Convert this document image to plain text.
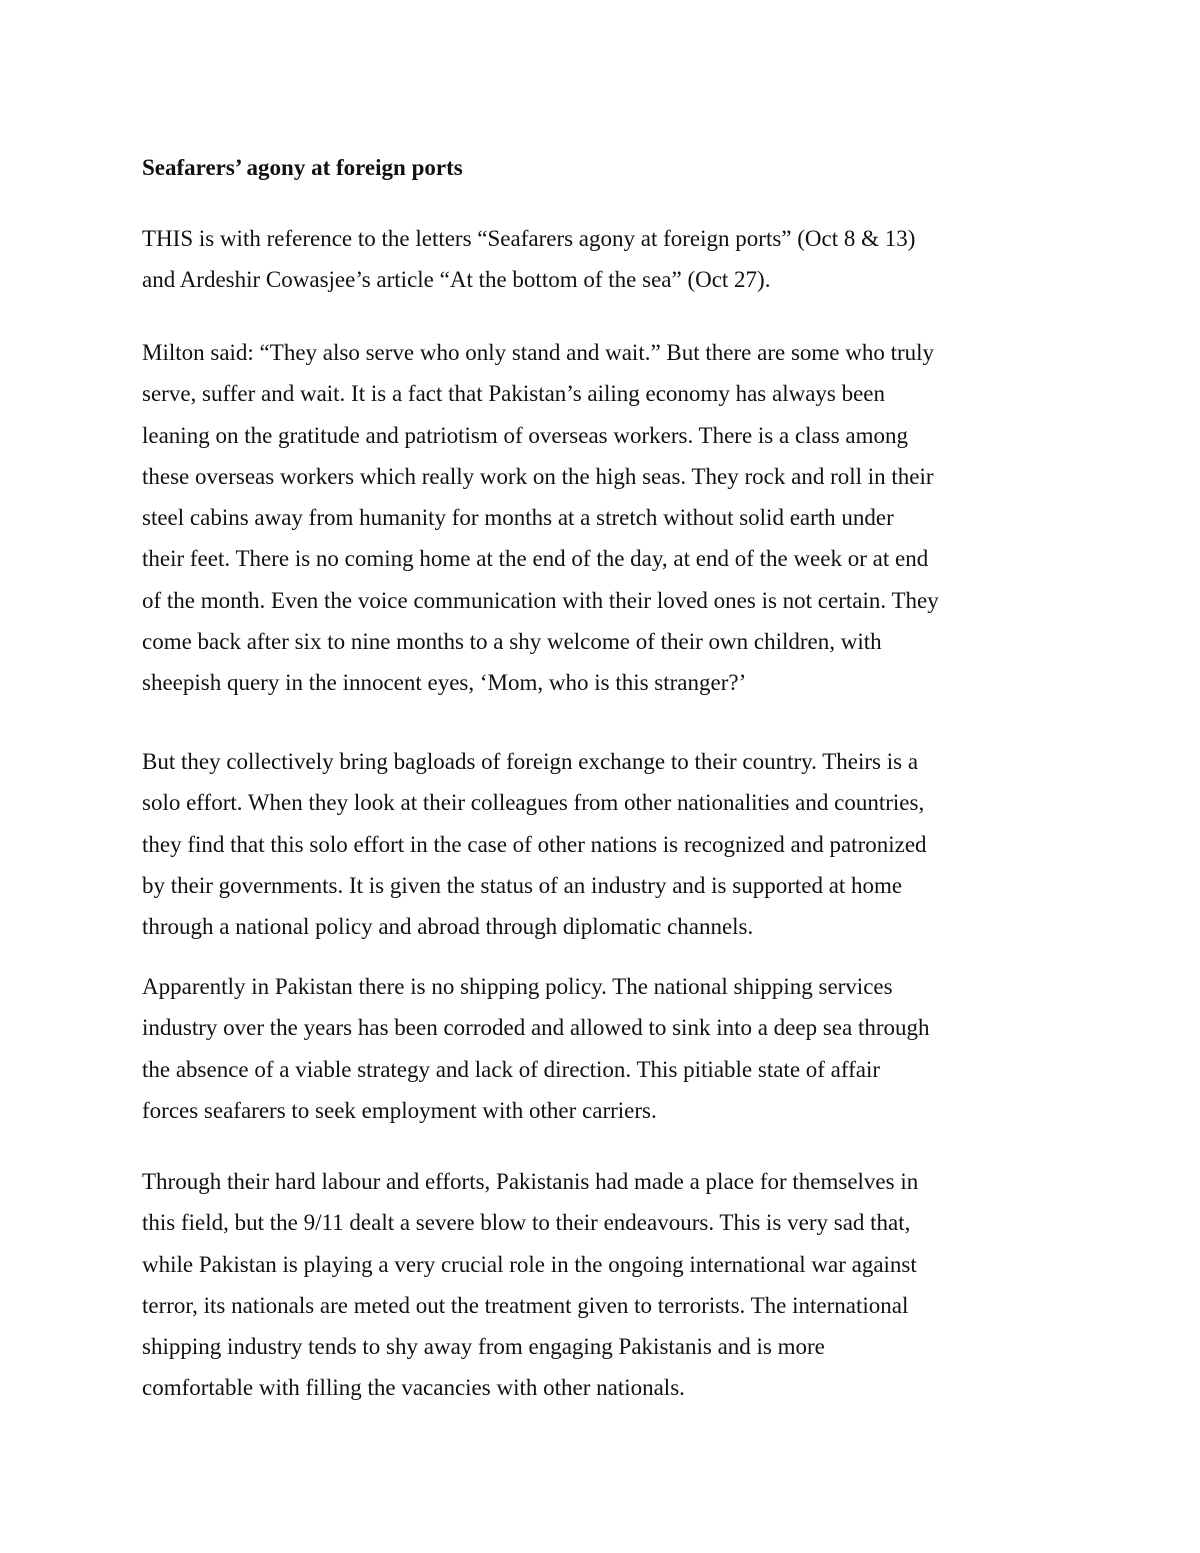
Seafarers’ agony at foreign ports

THIS is with reference to the letters “Seafarers agony at foreign ports” (Oct 8 & 13)
and Ardeshir Cowasjee’s article “At the bottom of the sea” (Oct 27).

Milton said: “They also serve who only stand and wait.” But there are some who truly
serve, suffer and wait. It is a fact that Pakistan’s ailing economy has always been
leaning on the gratitude and patriotism of overseas workers. There is a class among
these overseas workers which really work on the high seas. They rock and roll in their
steel cabins away from humanity for months at a stretch without solid earth under
their feet. There is no coming home at the end of the day, at end of the week or at end
of the month. Even the voice communication with their loved ones is not certain. They
come back after six to nine months to a shy welcome of their own children, with
sheepish query in the innocent eyes, ‘Mom, who is this stranger?’

But they collectively bring bagloads of foreign exchange to their country. Theirs is a
solo effort. When they look at their colleagues from other nationalities and countries,
they find that this solo effort in the case of other nations is recognized and patronized
by their governments. It is given the status of an industry and is supported at home
through a national policy and abroad through diplomatic channels.

Apparently in Pakistan there is no shipping policy. The national shipping services
industry over the years has been corroded and allowed to sink into a deep sea through
the absence of a viable strategy and lack of direction. This pitiable state of affair
forces seafarers to seek employment with other carriers.

Through their hard labour and efforts, Pakistanis had made a place for themselves in
this field, but the 9/11 dealt a severe blow to their endeavours. This is very sad that,
while Pakistan is playing a very crucial role in the ongoing international war against
terror, its nationals are meted out the treatment given to terrorists. The international
shipping industry tends to shy away from engaging Pakistanis and is more
comfortable with filling the vacancies with other nationals.
